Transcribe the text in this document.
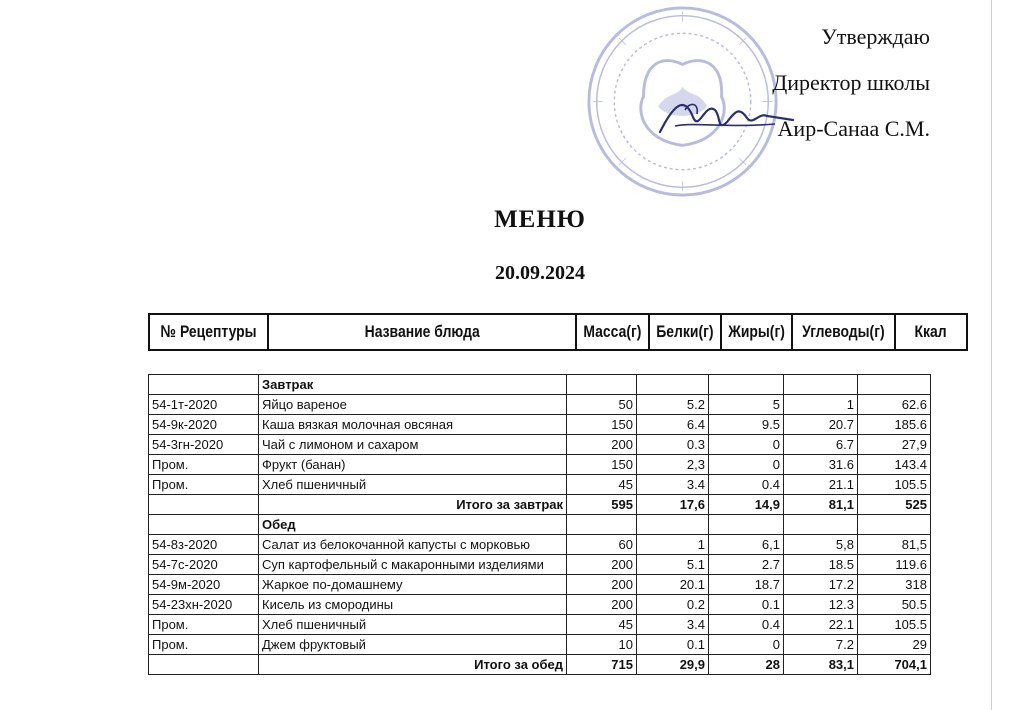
Утверждаю
Директор школы
Аир-Санаа С.М.
МЕНЮ
20.09.2024
№ Рецептуры	Название блюда	Масса(г)	Белки(г)	Жиры(г)	Углеводы(г)	Ккал
	Завтрак					
54-1т-2020	Яйцо вареное	50	5.2	5	1	62.6
54-9к-2020	Каша вязкая молочная овсяная	150	6.4	9.5	20.7	185.6
54-3гн-2020	Чай с лимоном и сахаром	200	0.3	0	6.7	27,9
Пром.	Фрукт (банан)	150	2,3	0	31.6	143.4
Пром.	Хлеб пшеничный	45	3.4	0.4	21.1	105.5
	Итого за завтрак	595	17,6	14,9	81,1	525
	Обед					
54-8з-2020	Салат из белокочанной капусты с морковью	60	1	6,1	5,8	81,5
54-7с-2020	Суп картофельный с макаронными изделиями	200	5.1	2.7	18.5	119.6
54-9м-2020	Жаркое по-домашнему	200	20.1	18.7	17.2	318
54-23хн-2020	Кисель из смородины	200	0.2	0.1	12.3	50.5
Пром.	Хлеб пшеничный	45	3.4	0.4	22.1	105.5
Пром.	Джем фруктовый	10	0.1	0	7.2	29
	Итого за обед	715	29,9	28	83,1	704,1
